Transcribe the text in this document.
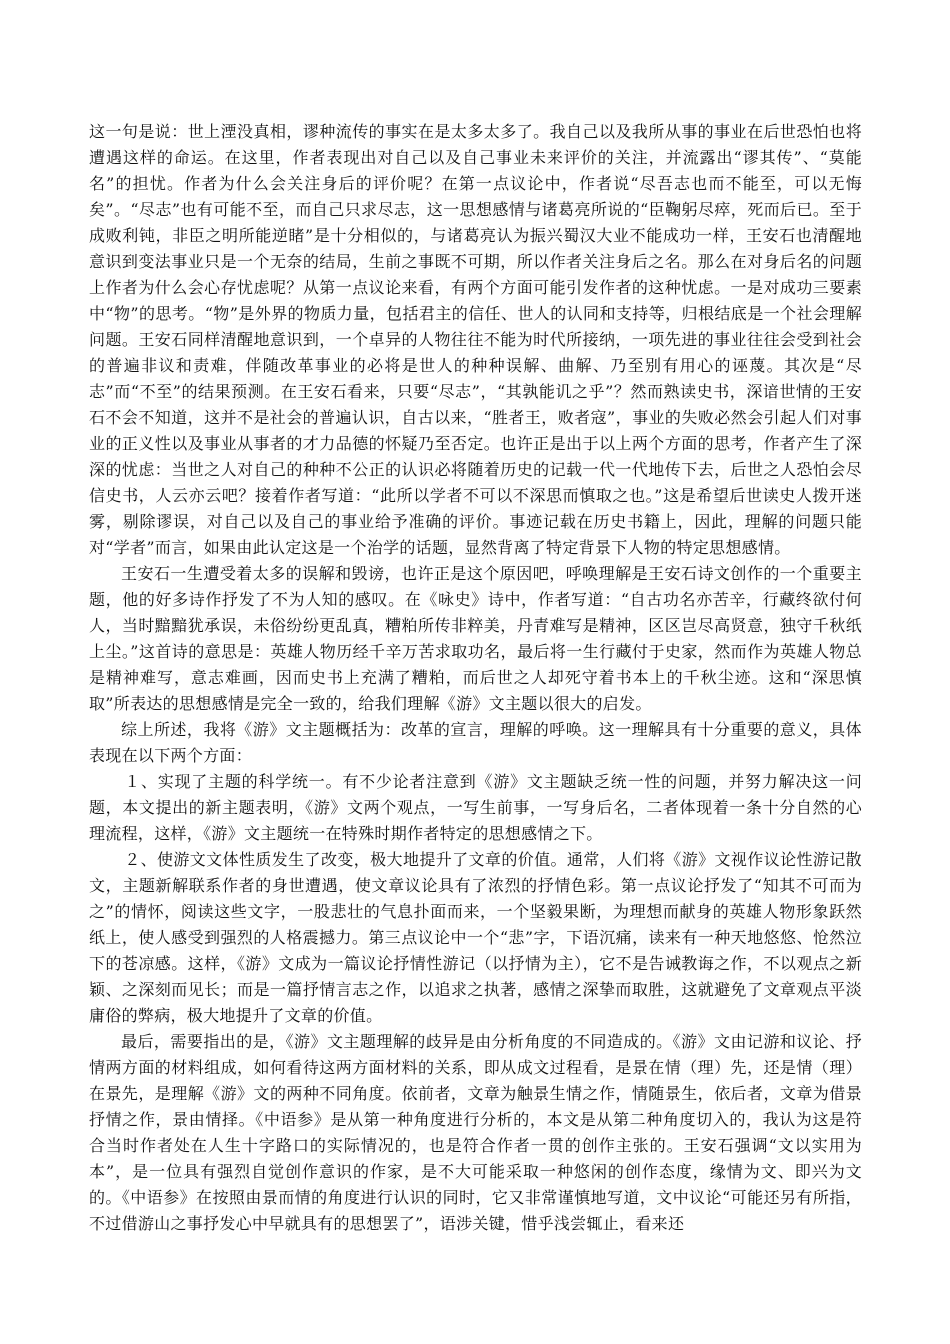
这一句是说：世上湮没真相，谬种流传的事实在是太多太多了。我自己以及我所从事的事业在后世恐怕也将遭遇这样的命运。在这里，作者表现出对自己以及自己事业未来评价的关注，并流露出“谬其传”、“莫能名”的担忧。作者为什么会关注身后的评价呢？在第一点议论中，作者说“尽吾志也而不能至，可以无悔矣”。“尽志”也有可能不至，而自己只求尽志，这一思想感情与诸葛亮所说的“臣鞠躬尽瘁，死而后已。至于成败利钝，非臣之明所能逆睹”是十分相似的，与诸葛亮认为振兴蜀汉大业不能成功一样，王安石也清醒地意识到变法事业只是一个无奈的结局，生前之事既不可期，所以作者关注身后之名。那么在对身后名的问题上作者为什么会心存忧虑呢？从第一点议论来看，有两个方面可能引发作者的这种忧虑。一是对成功三要素中“物”的思考。“物”是外界的物质力量，包括君主的信任、世人的认同和支持等，归根结底是一个社会理解问题。王安石同样清醒地意识到，一个卓异的人物往往不能为时代所接纳，一项先进的事业往往会受到社会的普遍非议和责难，伴随改革事业的必将是世人的种种误解、曲解、乃至别有用心的诬蔑。其次是“尽志”而“不至”的结果预测。在王安石看来，只要“尽志”，“其孰能讥之乎”？然而熟读史书，深谙世情的王安石不会不知道，这并不是社会的普遍认识，自古以来，“胜者王，败者寇”，事业的失败必然会引起人们对事业的正义性以及事业从事者的才力品德的怀疑乃至否定。也许正是出于以上两个方面的思考，作者产生了深深的忧虑：当世之人对自己的种种不公正的认识必将随着历史的记载一代一代地传下去，后世之人恐怕会尽信史书，人云亦云吧？接着作者写道：“此所以学者不可以不深思而慎取之也。”这是希望后世读史人拨开迷雾，剔除谬误，对自己以及自己的事业给予准确的评价。事迹记载在历史书籍上，因此，理解的问题只能对“学者”而言，如果由此认定这是一个治学的话题，显然背离了特定背景下人物的特定思想感情。

王安石一生遭受着太多的误解和毁谤，也许正是这个原因吧，呼唤理解是王安石诗文创作的一个重要主题，他的好多诗作抒发了不为人知的感叹。在《咏史》诗中，作者写道：“自古功名亦苦辛，行藏终欲付何人，当时黯黯犹承误，未俗纷纷更乱真，糟粕所传非粹美，丹青难写是精神，区区岂尽高贤意，独守千秋纸上尘。”这首诗的意思是：英雄人物历经千辛万苦求取功名，最后将一生行藏付于史家，然而作为英雄人物总是精神难写，意志难画，因而史书上充满了糟粕，而后世之人却死守着书本上的千秋尘迹。这和“深思慎取”所表达的思想感情是完全一致的，给我们理解《游》文主题以很大的启发。

综上所述，我将《游》文主题概括为：改革的宣言，理解的呼唤。这一理解具有十分重要的意义，具体表现在以下两个方面：

１、实现了主题的科学统一。有不少论者注意到《游》文主题缺乏统一性的问题，并努力解决这一问题，本文提出的新主题表明，《游》文两个观点，一写生前事，一写身后名，二者体现着一条十分自然的心理流程，这样，《游》文主题统一在特殊时期作者特定的思想感情之下。

２、使游文文体性质发生了改变，极大地提升了文章的价值。通常，人们将《游》文视作议论性游记散文，主题新解联系作者的身世遭遇，使文章议论具有了浓烈的抒情色彩。第一点议论抒发了“知其不可而为之”的情怀，阅读这些文字，一股悲壮的气息扑面而来，一个坚毅果断，为理想而献身的英雄人物形象跃然纸上，使人感受到强烈的人格震撼力。第三点议论中一个“悲”字，下语沉痛，读来有一种天地悠悠、怆然泣下的苍凉感。这样，《游》文成为一篇议论抒情性游记（以抒情为主），它不是告诫教诲之作，不以观点之新颖、之深刻而见长；而是一篇抒情言志之作，以追求之执著，感情之深挚而取胜，这就避免了文章观点平淡庸俗的弊病，极大地提升了文章的价值。

最后，需要指出的是，《游》文主题理解的歧异是由分析角度的不同造成的。《游》文由记游和议论、抒情两方面的材料组成，如何看待这两方面材料的关系，即从成文过程看，是景在情（理）先，还是情（理）在景先，是理解《游》文的两种不同角度。依前者，文章为触景生情之作，情随景生，依后者，文章为借景抒情之作，景由情择。《中语参》是从第一种角度进行分析的，本文是从第二种角度切入的，我认为这是符合当时作者处在人生十字路口的实际情况的，也是符合作者一贯的创作主张的。王安石强调“文以实用为本”，是一位具有强烈自觉创作意识的作家，是不大可能采取一种悠闲的创作态度，缘情为文、即兴为文的。《中语参》在按照由景而情的角度进行认识的同时，它又非常谨慎地写道，文中议论“可能还另有所指，不过借游山之事抒发心中早就具有的思想罢了”，语涉关键，惜乎浅尝辄止，看来还
